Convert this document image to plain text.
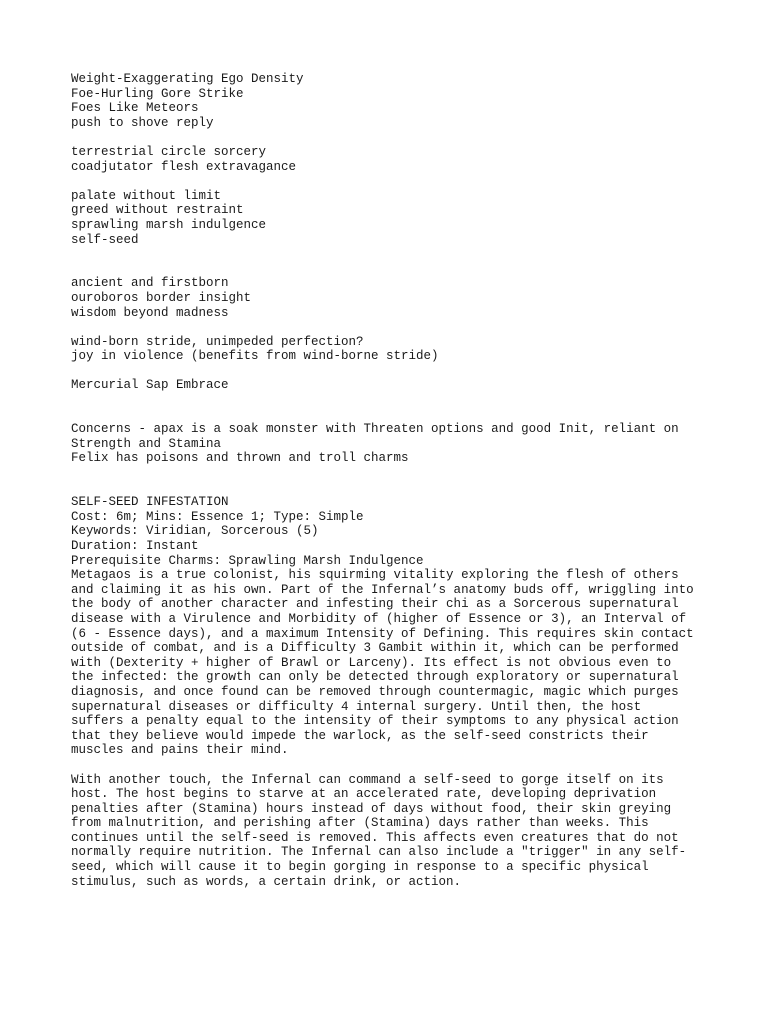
Weight-Exaggerating Ego Density
Foe-Hurling Gore Strike
Foes Like Meteors
push to shove reply
terrestrial circle sorcery
coadjutator flesh extravagance
palate without limit
greed without restraint
sprawling marsh indulgence
self-seed
ancient and firstborn
ouroboros border insight
wisdom beyond madness
wind-born stride, unimpeded perfection?
joy in violence (benefits from wind-borne stride)
Mercurial Sap Embrace
Concerns - apax is a soak monster with Threaten options and good Init, reliant on
Strength and Stamina
Felix has poisons and thrown and troll charms
SELF-SEED INFESTATION
Cost: 6m; Mins: Essence 1; Type: Simple
Keywords: Viridian, Sorcerous (5)
Duration: Instant
Prerequisite Charms: Sprawling Marsh Indulgence
Metagaos is a true colonist, his squirming vitality exploring the flesh of others
and claiming it as his own. Part of the Infernal’s anatomy buds off, wriggling into
the body of another character and infesting their chi as a Sorcerous supernatural
disease with a Virulence and Morbidity of (higher of Essence or 3), an Interval of
(6 - Essence days), and a maximum Intensity of Defining. This requires skin contact
outside of combat, and is a Difficulty 3 Gambit within it, which can be performed
with (Dexterity + higher of Brawl or Larceny). Its effect is not obvious even to
the infected: the growth can only be detected through exploratory or supernatural
diagnosis, and once found can be removed through countermagic, magic which purges
supernatural diseases or difficulty 4 internal surgery. Until then, the host
suffers a penalty equal to the intensity of their symptoms to any physical action
that they believe would impede the warlock, as the self-seed constricts their
muscles and pains their mind.
With another touch, the Infernal can command a self-seed to gorge itself on its
host. The host begins to starve at an accelerated rate, developing deprivation
penalties after (Stamina) hours instead of days without food, their skin greying
from malnutrition, and perishing after (Stamina) days rather than weeks. This
continues until the self-seed is removed. This affects even creatures that do not
normally require nutrition. The Infernal can also include a "trigger" in any self-
seed, which will cause it to begin gorging in response to a specific physical
stimulus, such as words, a certain drink, or action.
